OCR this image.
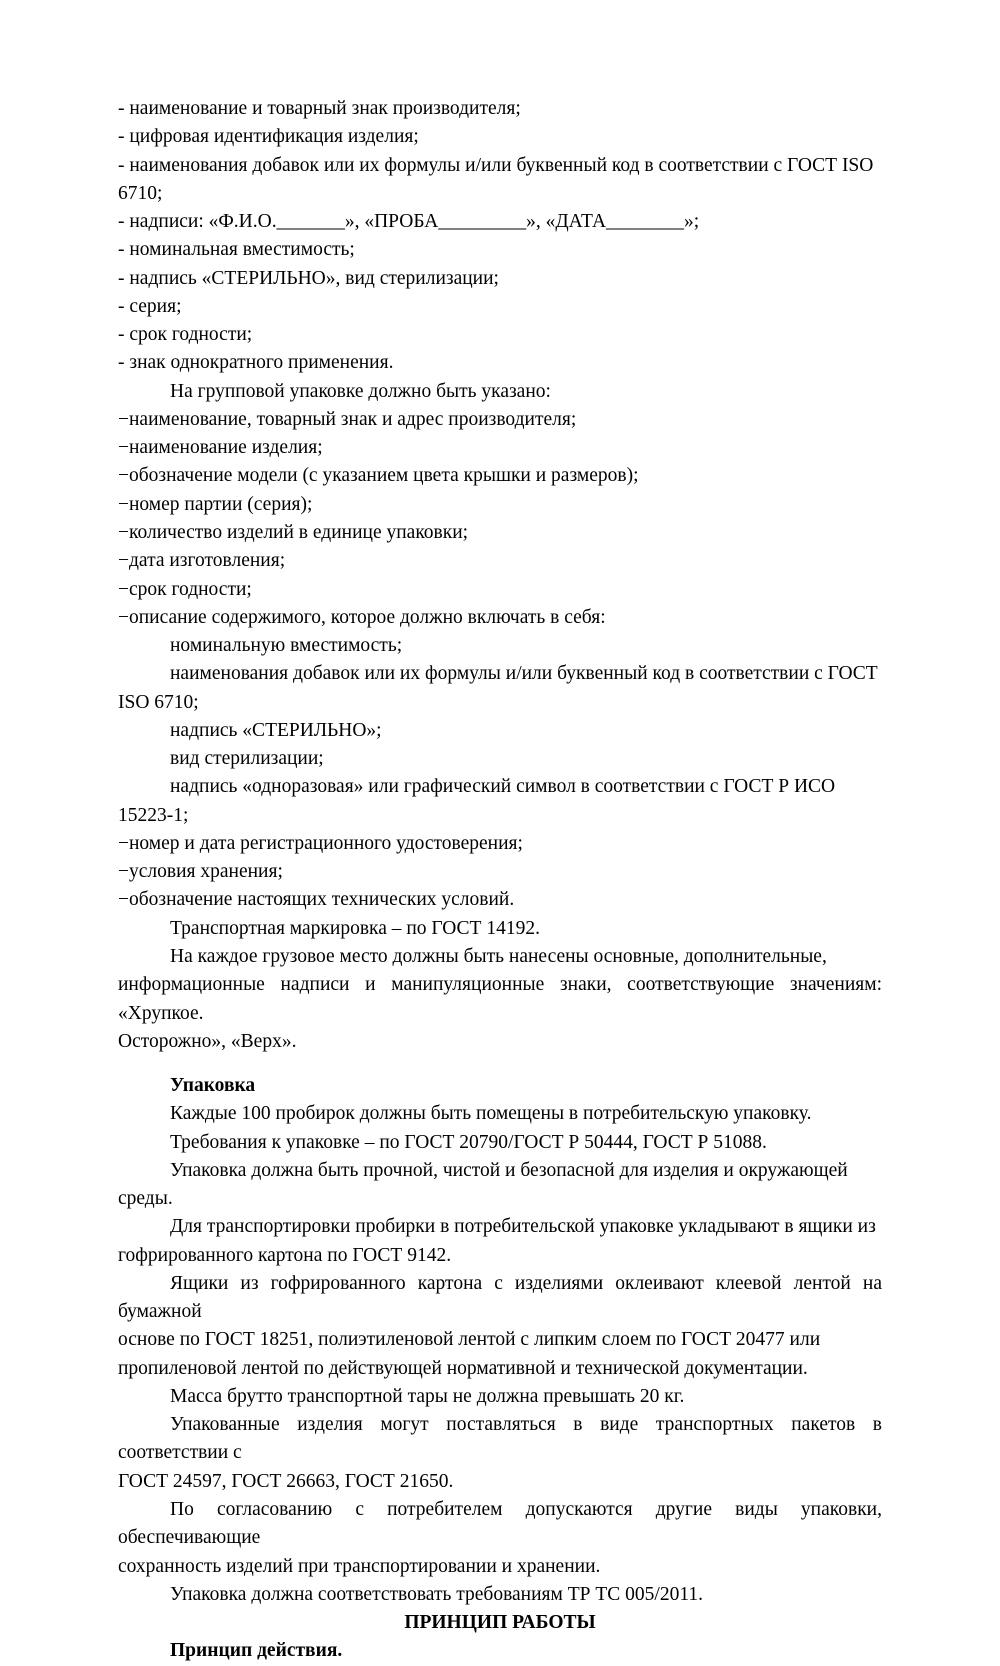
- наименование и товарный знак производителя;

- цифровая идентификация изделия;

- наименования добавок или их формулы и/или буквенный код в соответствии с ГОСТ ISO

6710;

- надписи: «Ф.И.О._______», «ПРОБА_________», «ДАТА________»;

- номинальная вместимость;

- надпись «СТЕРИЛЬНО», вид стерилизации;

- серия;

- срок годности;

- знак однократного применения.

На групповой упаковке должно быть указано:

−наименование, товарный знак и адрес производителя;

−наименование изделия;

−обозначение модели (с указанием цвета крышки и размеров);

−номер партии (серия);

−количество изделий в единице упаковки;

−дата изготовления;

−срок годности;

−описание содержимого, которое должно включать в себя:

номинальную вместимость;

наименования добавок или их формулы и/или буквенный код в соответствии с ГОСТ

ISO 6710;

надпись «СТЕРИЛЬНО»;

вид стерилизации;

надпись «одноразовая» или графический символ в соответствии с ГОСТ Р ИСО 15223-1;

−номер и дата регистрационного удостоверения;

−условия хранения;

−обозначение настоящих технических условий.

Транспортная маркировка – по ГОСТ 14192.

На каждое грузовое место должны быть нанесены основные, дополнительные,

информационные надписи и манипуляционные знаки, соответствующие значениям: «Хрупкое.

Осторожно», «Верх».

Упаковка

Каждые 100 пробирок должны быть помещены в потребительскую упаковку.

Требования к упаковке – по ГОСТ 20790/ГОСТ Р 50444, ГОСТ Р 51088.

Упаковка должна быть прочной, чистой и безопасной для изделия и окружающей среды.

Для транспортировки пробирки в потребительской упаковке укладывают в ящики из

гофрированного картона по ГОСТ 9142.

Ящики из гофрированного картона с изделиями оклеивают клеевой лентой на бумажной

основе по ГОСТ 18251, полиэтиленовой лентой с липким слоем по ГОСТ 20477 или

пропиленовой лентой по действующей нормативной и технической документации.

Масса брутто транспортной тары не должна превышать 20 кг.

Упакованные изделия могут поставляться в виде транспортных пакетов в соответствии с

ГОСТ 24597, ГОСТ 26663, ГОСТ 21650.

По согласованию с потребителем допускаются другие виды упаковки, обеспечивающие

сохранность изделий при транспортировании и хранении.

Упаковка должна соответствовать требованиям ТР ТС 005/2011.

ПРИНЦИП РАБОТЫ

Принцип действия.
